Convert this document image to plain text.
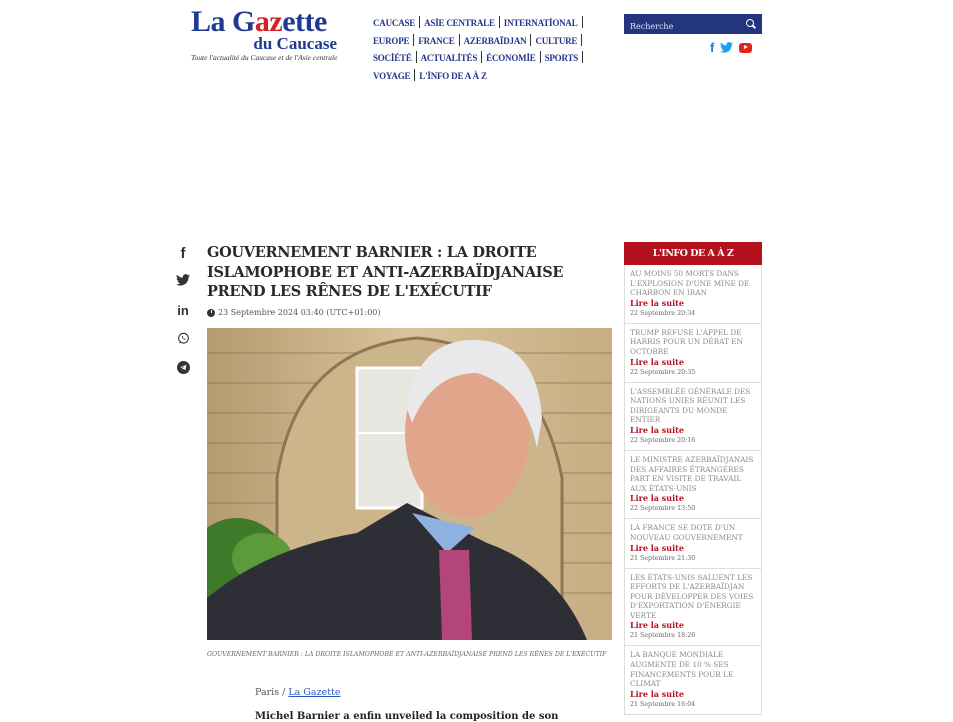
La Gazette
du Caucase
Toute l'actualité du Caucase et de l'Asie centrale
CAUCASE ASİE CENTRALE INTERNATİONAL
EUROPE FRANCE AZERBAÏDJAN CULTURE
SOCİÉTÉ ACTUALİTÉS ÉCONOMİE SPORTS
VOYAGE L'İNFO DE A À Z
Recherche
f
f
in
GOUVERNEMENT BARNIER : LA DROITE ISLAMOPHOBE ET ANTI-AZERBAÏDJANAISE PREND LES RÊNES DE L'EXÉCUTIF
23 Septembre 2024 03:40 (UTC+01:00)
GOUVERNEMENT BARNIER : LA DROITE ISLAMOPHOBE ET ANTI-AZERBAÏDJANAISE PREND LES RÊNES DE L'EXÉCUTIF
Paris / La Gazette
Michel Barnier a enfin unveiled la composition de son
L'INFO DE A À Z
AU MOINS 50 MORTS DANS L'EXPLOSION D'UNE MINE DE CHARBON EN IRAN
Lire la suite
22 Septembre 20:34
TRUMP REFUSE L'APPEL DE HARRIS POUR UN DÉBAT EN OCTOBRE
Lire la suite
22 Septembre 20:35
L'ASSEMBLÉE GÉNÉRALE DES NATIONS UNIES RÉUNIT LES DIRIGEANTS DU MONDE ENTIER
Lire la suite
22 Septembre 20:16
LE MINISTRE AZERBAÏDJANAIS DES AFFAIRES ÉTRANGÈRES PART EN VISITE DE TRAVAIL AUX ÉTATS-UNIS
Lire la suite
22 Septembre 13:50
LA FRANCE SE DOTE D'UN NOUVEAU GOUVERNEMENT
Lire la suite
21 Septembre 21:30
LES ÉTATS-UNIS SALUENT LES EFFORTS DE L'AZERBAÏDJAN POUR DÉVELOPPER DES VOIES D'EXPORTATION D'ÉNERGIE VERTE
Lire la suite
21 Septembre 18:26
LA BANQUE MONDIALE AUGMENTE DE 10 % SES FINANCEMENTS POUR LE CLIMAT
Lire la suite
21 Septembre 16:04
